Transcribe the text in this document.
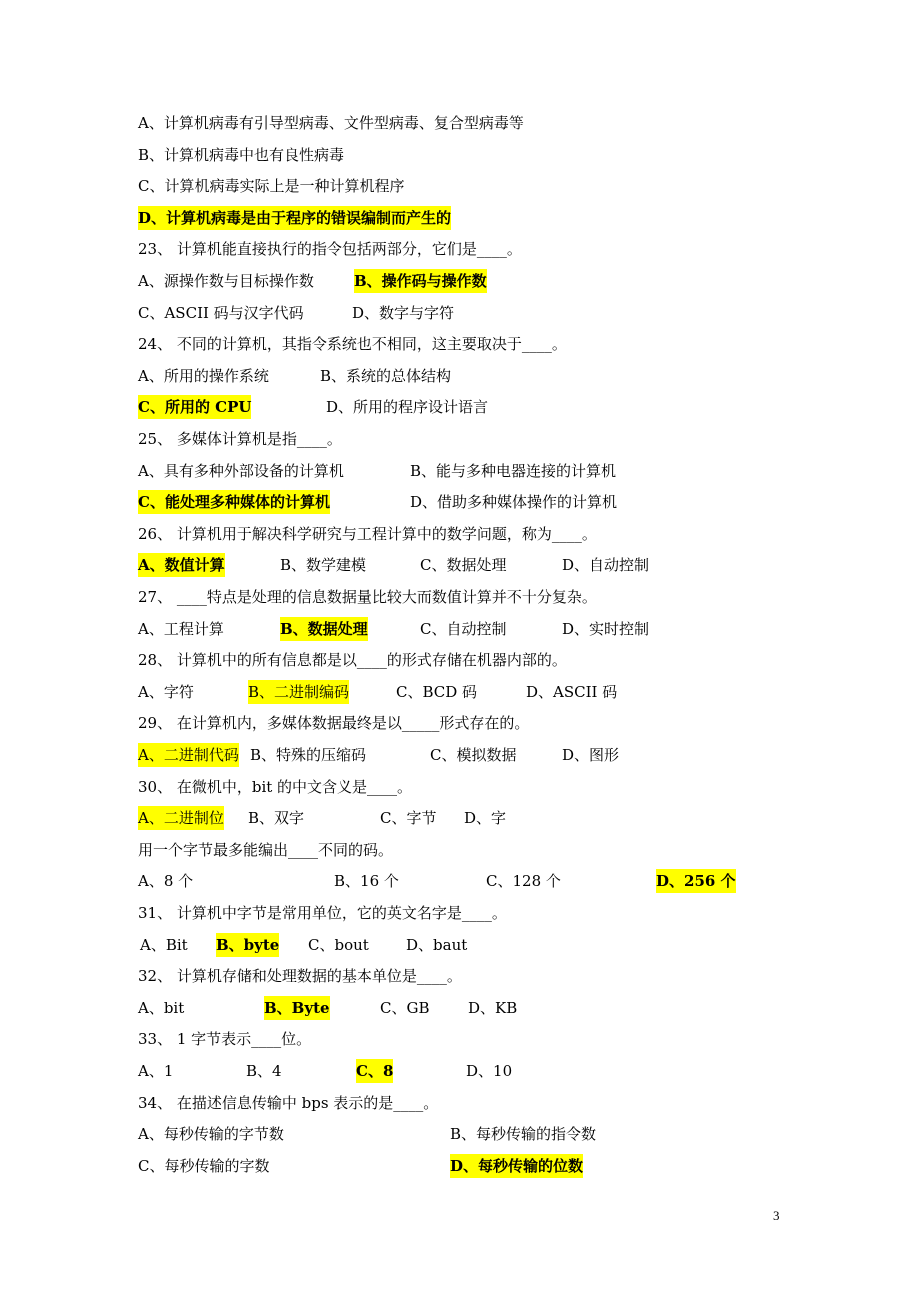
A、计算机病毒有引导型病毒、文件型病毒、复合型病毒等
B、计算机病毒中也有良性病毒
C、计算机病毒实际上是一种计算机程序
D、计算机病毒是由于程序的错误编制而产生的
23、 计算机能直接执行的指令包括两部分，它们是____。
A、源操作数与目标操作数	B、操作码与操作数
C、ASCII 码与汉字代码	D、数字与字符
24、 不同的计算机，其指令系统也不相同，这主要取决于____。
A、所用的操作系统	B、系统的总体结构
C、所用的 CPU	D、所用的程序设计语言
25、 多媒体计算机是指____。
A、具有多种外部设备的计算机	B、能与多种电器连接的计算机
C、能处理多种媒体的计算机	D、借助多种媒体操作的计算机
26、 计算机用于解决科学研究与工程计算中的数学问题，称为____。
A、数值计算	B、数学建模	C、数据处理	D、自动控制
27、 ____特点是处理的信息数据量比较大而数值计算并不十分复杂。
A、工程计算	B、数据处理	C、自动控制	D、实时控制
28、 计算机中的所有信息都是以____的形式存储在机器内部的。
A、字符	B、二进制编码	C、BCD 码	D、ASCII 码
29、 在计算机内，多媒体数据最终是以_____形式存在的。
A、二进制代码 B、特殊的压缩码	C、模拟数据	D、图形
30、 在微机中，bit 的中文含义是____。
A、二进制位 B、双字	C、字节 D、字
用一个字节最多能编出____不同的码。
A、8 个	B、16 个	C、128 个	D、256 个
31、 计算机中字节是常用单位，它的英文名字是____。
A、Bit B、byte C、bout D、baut
32、 计算机存储和处理数据的基本单位是____。
A、bit	B、Byte	C、GB	D、KB
33、 1 字节表示____位。
A、1	B、4	C、8	D、10
34、 在描述信息传输中 bps 表示的是____。
A、每秒传输的字节数	B、每秒传输的指令数
C、每秒传输的字数	D、每秒传输的位数
3
